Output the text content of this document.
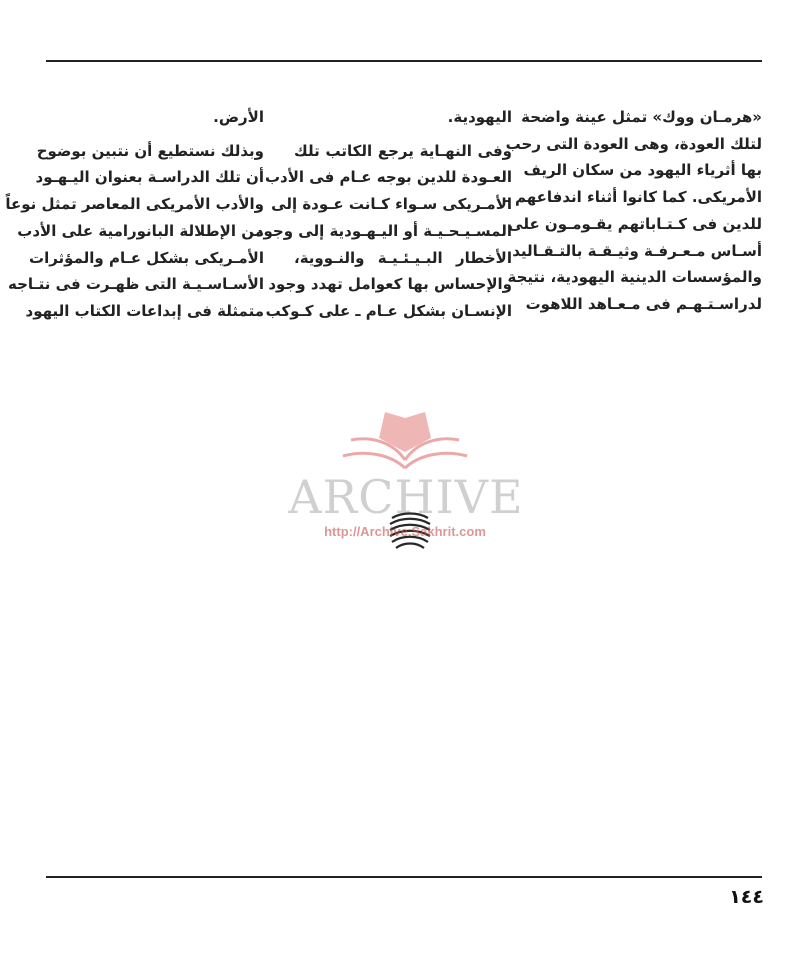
«هرمـان ووك» تمثل عينة واضحة
لتلك العودة، وهى العودة التى رحب
بها أثرياء اليهود من سكان الريف
الأمريكى. كما كانوا أثناء اندفاعهم ـ
للدين فى كـتـاباتهم يقـومـون على
أسـاس مـعـرفـة وثيـقـة بالتـقـاليد
والمؤسسات الدينية اليهودية، نتيجة
لدراسـتـهـم فى مـعـاهد اللاهوت
اليهودية.
وفى النهـاية يرجع الكاتب تلك
العـودة للدين بوجه عـام فى الأدب
الأمـريكى سـواء كـانت عـودة إلى
المسـيـحـيـة أو اليـهـودية إلى وجود
الأخطار البـيـئـيـة والنـووية،
والإحساس بها كعوامل تهدد وجود
الإنسـان بشكل عـام ـ على كـوكب
الأرض.
وبذلك نستطيع أن نتبين بوضوح
أن تلك الدراسـة بعنوان اليـهـود
والأدب الأمريكى المعاصر تمثل نوعاً
من الإطلالة البانورامية على الأدب
الأمـريكى بشكل عـام والمؤثرات
الأسـاسـيـة التى ظهـرت فى نتـاجه
متمثلة فى إبداعات الكتاب اليهود
ARCHIVE
http://Archive.Sakhrit.com
١٤٤
